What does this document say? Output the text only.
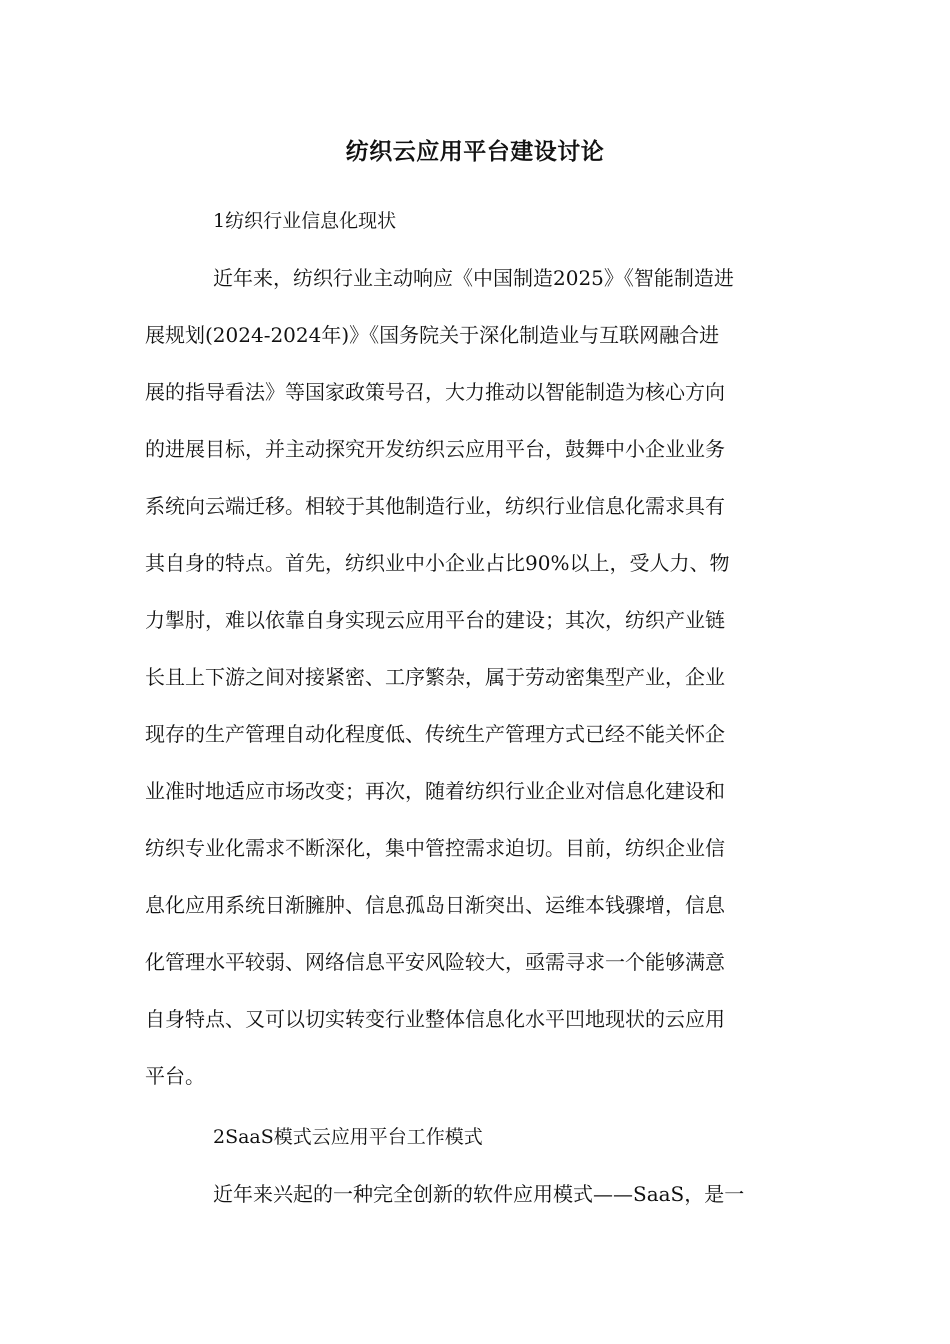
纺织云应用平台建设讨论

1纺织行业信息化现状

近年来，纺织行业主动响应《中国制造2025》《智能制造进

展规划(2024-2024年)》《国务院关于深化制造业与互联网融合进

展的指导看法》等国家政策号召，大力推动以智能制造为核心方向

的进展目标，并主动探究开发纺织云应用平台，鼓舞中小企业业务

系统向云端迁移。相较于其他制造行业，纺织行业信息化需求具有

其自身的特点。首先，纺织业中小企业占比90%以上，受人力、物

力掣肘，难以依靠自身实现云应用平台的建设；其次，纺织产业链

长且上下游之间对接紧密、工序繁杂，属于劳动密集型产业，企业

现存的生产管理自动化程度低、传统生产管理方式已经不能关怀企

业准时地适应市场改变；再次，随着纺织行业企业对信息化建设和

纺织专业化需求不断深化，集中管控需求迫切。目前，纺织企业信

息化应用系统日渐臃肿、信息孤岛日渐突出、运维本钱骤增，信息

化管理水平较弱、网络信息平安风险较大，亟需寻求一个能够满意

自身特点、又可以切实转变行业整体信息化水平凹地现状的云应用

平台。

2SaaS模式云应用平台工作模式

近年来兴起的一种完全创新的软件应用模式——SaaS，是一
